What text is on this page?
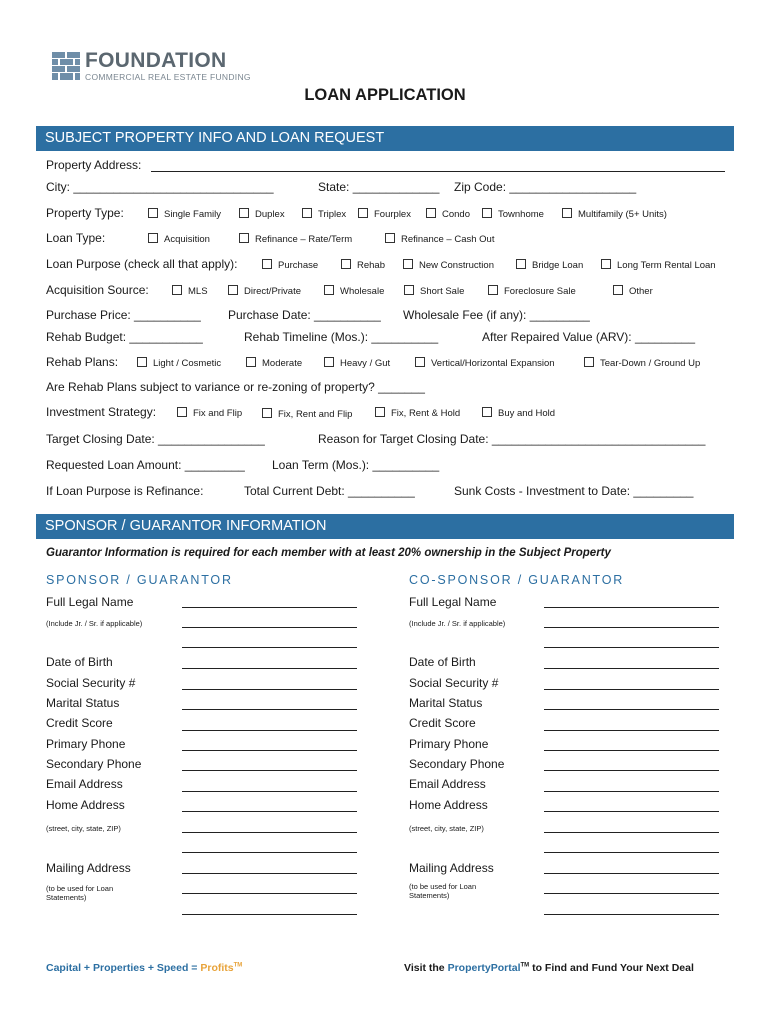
FOUNDATION
COMMERCIAL REAL ESTATE FUNDING
LOAN APPLICATION
SUBJECT PROPERTY INFO AND LOAN REQUEST
Property Address:
City: ______________________________	State: _____________ Zip Code: ___________________
Property Type:	Single Family	Duplex	Triplex	Fourplex	Condo	Townhome	Multifamily (5+ Units)
Loan Type:	Acquisition	Refinance – Rate/Term	Refinance – Cash Out
Loan Purpose (check all that apply):	Purchase	Rehab	New Construction	Bridge Loan	Long Term Rental Loan
Acquisition Source:	MLS	Direct/Private	Wholesale	Short Sale	Foreclosure Sale	Other
Purchase Price: __________ Purchase Date: __________ Wholesale Fee (if any): _________
Rehab Budget: ___________	Rehab Timeline (Mos.): __________	After Repaired Value (ARV): _________
Rehab Plans:	Light / Cosmetic	Moderate	Heavy / Gut	Vertical/Horizontal Expansion	Tear-Down / Ground Up
Are Rehab Plans subject to variance or re-zoning of property? _______
Investment Strategy:	Fix and Flip	Fix, Rent and Flip	Fix, Rent & Hold	Buy and Hold
Target Closing Date: ________________	Reason for Target Closing Date: ________________________________
Requested Loan Amount: _________ Loan Term (Mos.): __________
If Loan Purpose is Refinance:	Total Current Debt: __________	Sunk Costs - Investment to Date: _________
SPONSOR / GUARANTOR INFORMATION
Guarantor Information is required for each member with at least 20% ownership in the Subject Property
SPONSOR / GUARANTOR	CO-SPONSOR / GUARANTOR
Full Legal Name
(Include Jr. / Sr. if applicable)
Date of Birth
Social Security #
Marital Status
Credit Score
Primary Phone
Secondary Phone
Email Address
Home Address
(street, city, state, ZIP)
Mailing Address
(to be used for Loan Statements)
Full Legal Name
(Include Jr. / Sr. if applicable)
Date of Birth
Social Security #
Marital Status
Credit Score
Primary Phone
Secondary Phone
Email Address
Home Address
(street, city, state, ZIP)
Mailing Address
(to be used for Loan Statements)
Capital + Properties + Speed = Profits™	Visit the PropertyPortal™ to Find and Fund Your Next Deal
